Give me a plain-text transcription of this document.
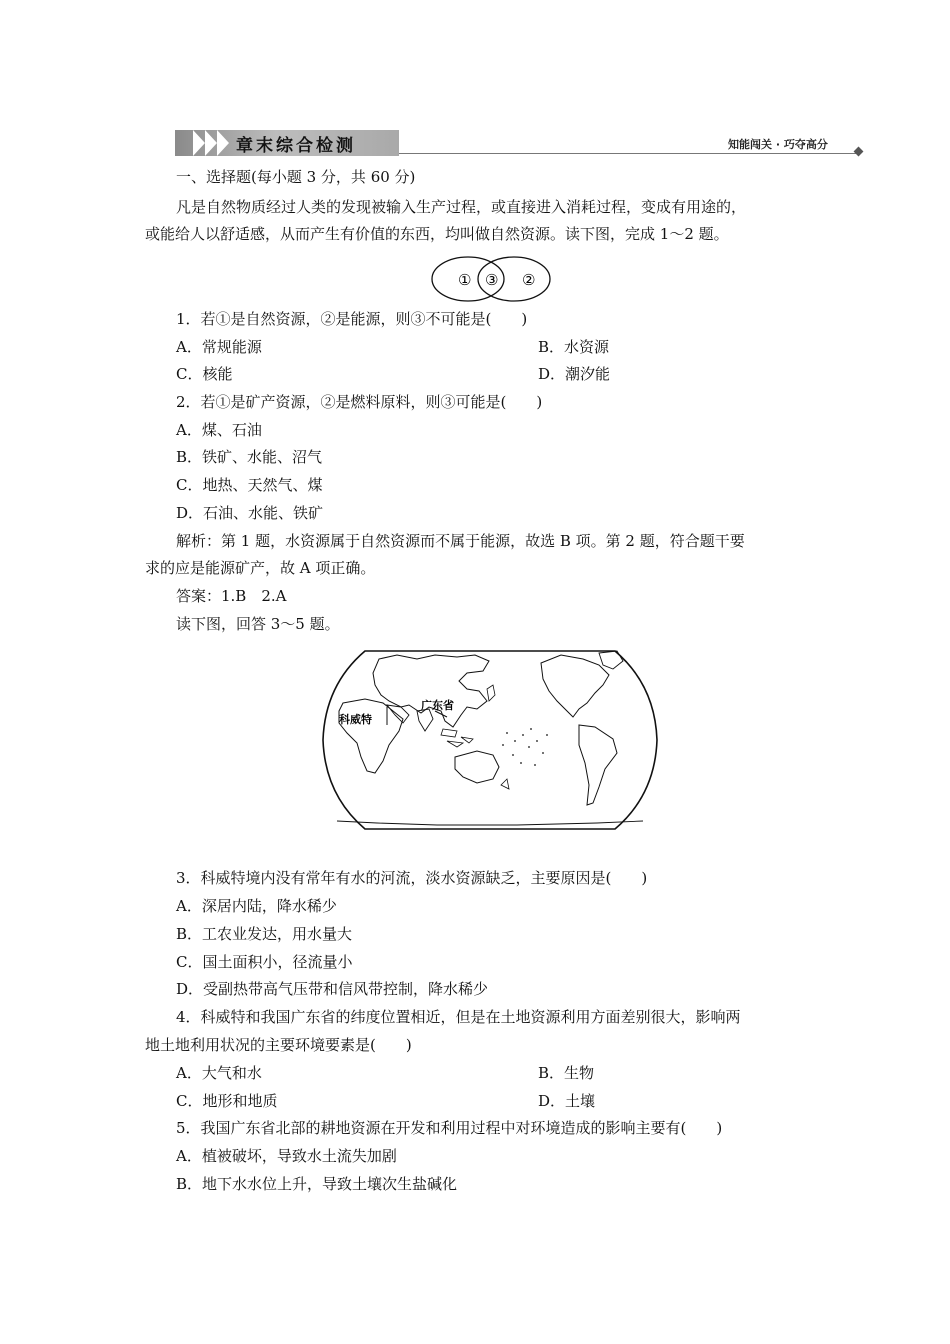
章末综合检测	知能闯关 · 巧夺高分
一、选择题(每小题 3 分，共 60 分)
凡是自然物质经过人类的发现被输入生产过程，或直接进入消耗过程，变成有用途的，
或能给人以舒适感，从而产生有价值的东西，均叫做自然资源。读下图，完成 1～2 题。
① ③ ②
1．若①是自然资源，②是能源，则③不可能是(　　)
A．常规能源	B．水资源
C．核能	D．潮汐能
2．若①是矿产资源，②是燃料原料，则③可能是(　　)
A．煤、石油
B．铁矿、水能、沼气
C．地热、天然气、煤
D．石油、水能、铁矿
解析：第 1 题，水资源属于自然资源而不属于能源，故选 B 项。第 2 题，符合题干要
求的应是能源矿产，故 A 项正确。
答案：1.B　2.A
读下图，回答 3～5 题。
广东省
科威特
3．科威特境内没有常年有水的河流，淡水资源缺乏，主要原因是(　　)
A．深居内陆，降水稀少
B．工农业发达，用水量大
C．国土面积小，径流量小
D．受副热带高气压带和信风带控制，降水稀少
4．科威特和我国广东省的纬度位置相近，但是在土地资源利用方面差别很大，影响两
地土地利用状况的主要环境要素是(　　)
A．大气和水	B．生物
C．地形和地质	D．土壤
5．我国广东省北部的耕地资源在开发和利用过程中对环境造成的影响主要有(　　)
A．植被破坏，导致水土流失加剧
B．地下水水位上升，导致土壤次生盐碱化
